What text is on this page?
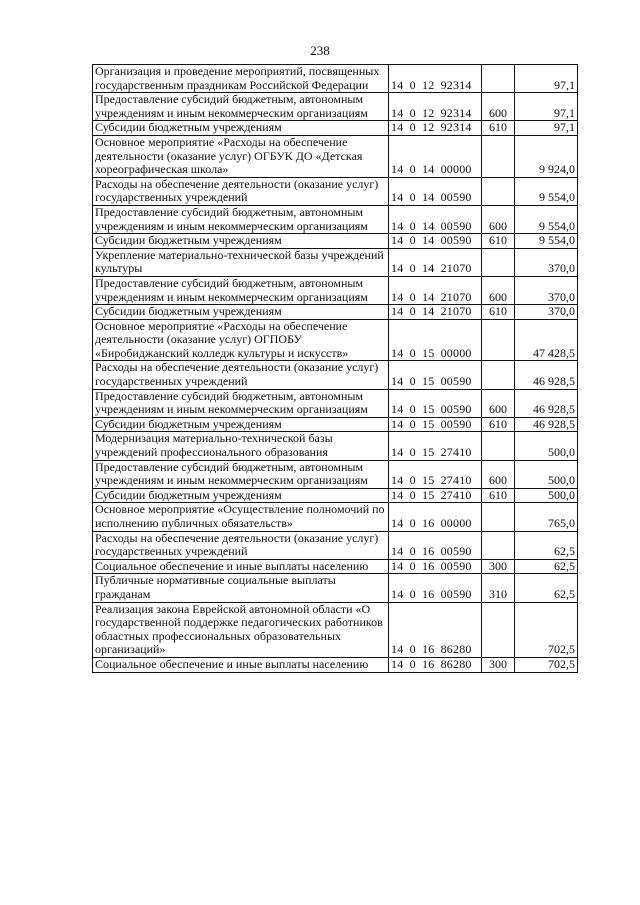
238
Организация и проведение мероприятий, посвященных государственным праздникам Российской Федерации	14 0 12 92314		97,1
Предоставление субсидий бюджетным, автономным учреждениям и иным некоммерческим организациям	14 0 12 92314	600	97,1
Субсидии бюджетным учреждениям	14 0 12 92314	610	97,1
Основное мероприятие «Расходы на обеспечение деятельности (оказание услуг) ОГБУК ДО «Детская хореографическая школа»	14 0 14 00000		9 924,0
Расходы на обеспечение деятельности (оказание услуг) государственных учреждений	14 0 14 00590		9 554,0
Предоставление субсидий бюджетным, автономным учреждениям и иным некоммерческим организациям	14 0 14 00590	600	9 554,0
Субсидии бюджетным учреждениям	14 0 14 00590	610	9 554,0
Укрепление материально-технической базы учреждений культуры	14 0 14 21070		370,0
Предоставление субсидий бюджетным, автономным учреждениям и иным некоммерческим организациям	14 0 14 21070	600	370,0
Субсидии бюджетным учреждениям	14 0 14 21070	610	370,0
Основное мероприятие «Расходы на обеспечение деятельности (оказание услуг) ОГПОБУ «Биробиджанский колледж культуры и искусств»	14 0 15 00000		47 428,5
Расходы на обеспечение деятельности (оказание услуг) государственных учреждений	14 0 15 00590		46 928,5
Предоставление субсидий бюджетным, автономным учреждениям и иным некоммерческим организациям	14 0 15 00590	600	46 928,5
Субсидии бюджетным учреждениям	14 0 15 00590	610	46 928,5
Модернизация материально-технической базы учреждений профессионального образования	14 0 15 27410		500,0
Предоставление субсидий бюджетным, автономным учреждениям и иным некоммерческим организациям	14 0 15 27410	600	500,0
Субсидии бюджетным учреждениям	14 0 15 27410	610	500,0
Основное мероприятие «Осуществление полномочий по исполнению публичных обязательств»	14 0 16 00000		765,0
Расходы на обеспечение деятельности (оказание услуг) государственных учреждений	14 0 16 00590		62,5
Социальное обеспечение и иные выплаты населению	14 0 16 00590	300	62,5
Публичные нормативные социальные выплаты гражданам	14 0 16 00590	310	62,5
Реализация закона Еврейской автономной области «О государственной поддержке педагогических работников областных профессиональных образовательных организаций»	14 0 16 86280		702,5
Социальное обеспечение и иные выплаты населению	14 0 16 86280	300	702,5
